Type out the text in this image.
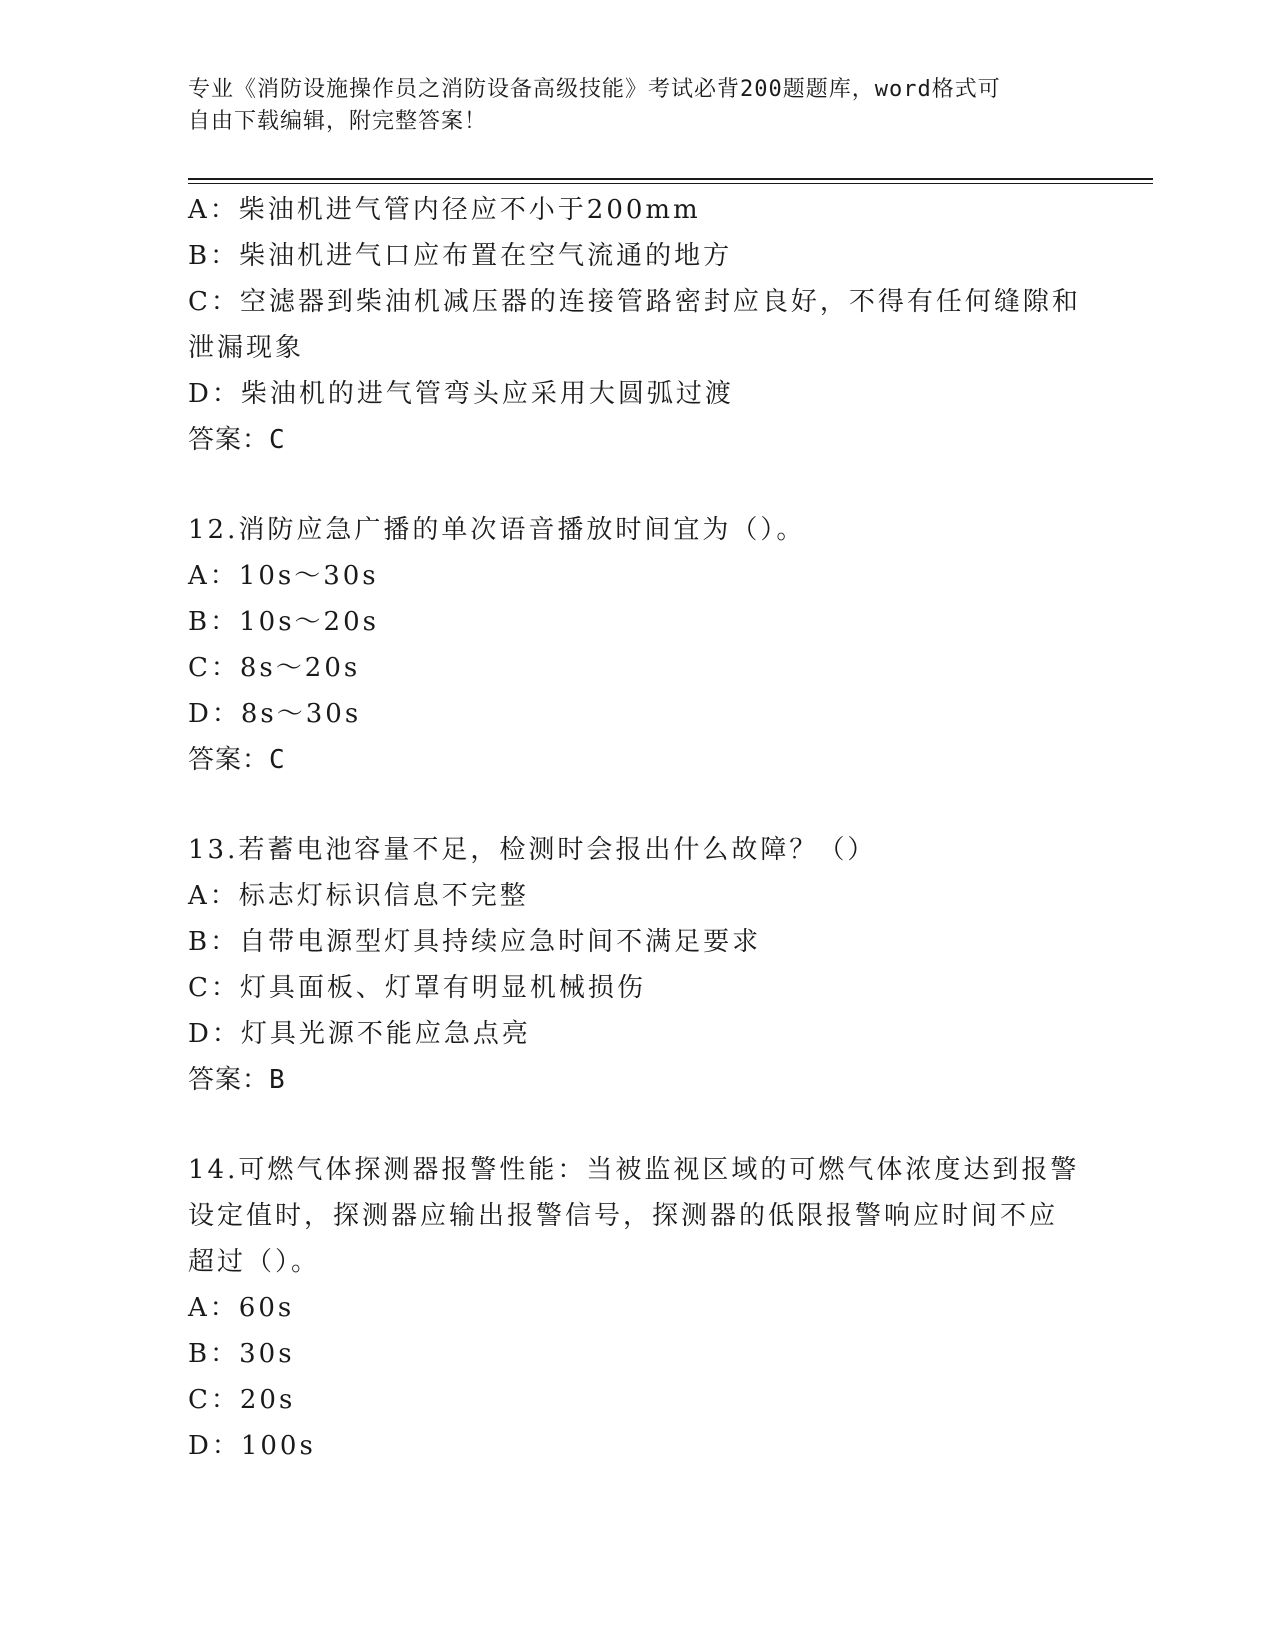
专业《消防设施操作员之消防设备高级技能》考试必背200题题库，word格式可
自由下载编辑，附完整答案！

A：柴油机进气管内径应不小于200mm

B：柴油机进气口应布置在空气流通的地方

C：空滤器到柴油机减压器的连接管路密封应良好，不得有任何缝隙和

泄漏现象

D：柴油机的进气管弯头应采用大圆弧过渡

答案：C

12.消防应急广播的单次语音播放时间宜为（）。

A：10s～30s

B：10s～20s

C：8s～20s

D：8s～30s

答案：C

13.若蓄电池容量不足，检测时会报出什么故障？（）

A：标志灯标识信息不完整

B：自带电源型灯具持续应急时间不满足要求

C：灯具面板、灯罩有明显机械损伤

D：灯具光源不能应急点亮

答案：B

14.可燃气体探测器报警性能：当被监视区域的可燃气体浓度达到报警

设定值时，探测器应输出报警信号，探测器的低限报警响应时间不应

超过（）。

A：60s

B：30s

C：20s

D：100s
